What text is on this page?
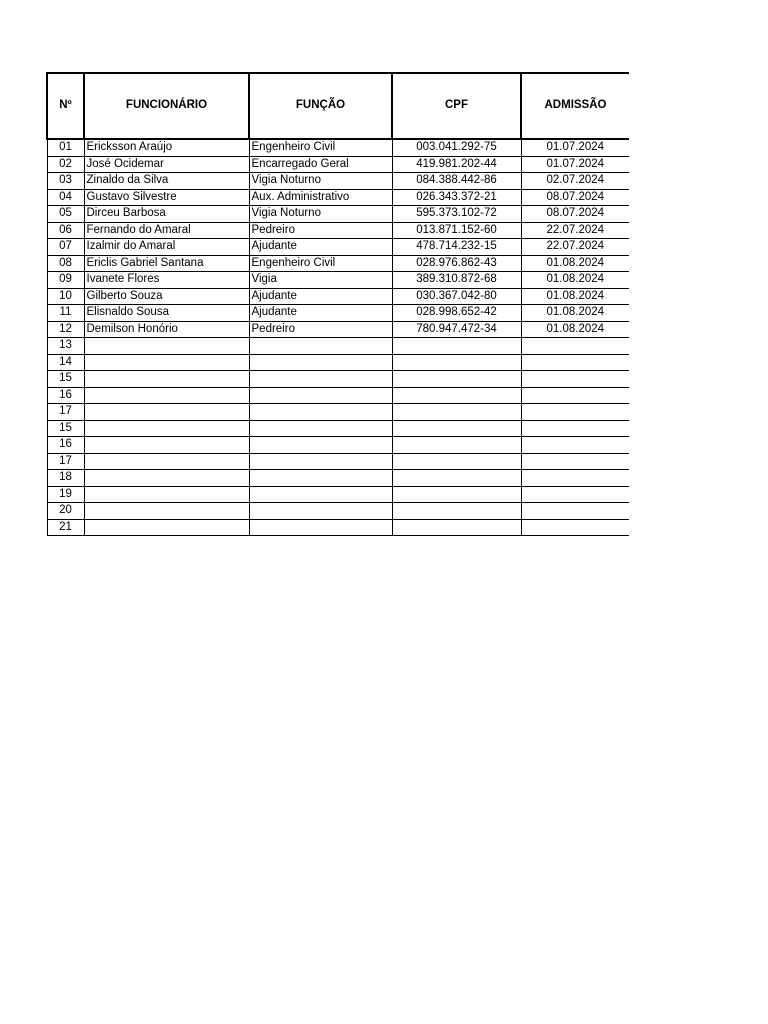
Nº	FUNCIONÁRIO	FUNÇÃO	CPF	ADMISSÃO
01	Ericksson Araújo	Engenheiro Civil	003.041.292-75	01.07.2024
02	José Ocidemar	Encarregado Geral	419.981.202-44	01.07.2024
03	Zinaldo da Silva	Vigia Noturno	084.388.442-86	02.07.2024
04	Gustavo Silvestre	Aux. Administrativo	026.343.372-21	08.07.2024
05	Dirceu Barbosa	Vigia Noturno	595.373.102-72	08.07.2024
06	Fernando do Amaral	Pedreiro	013.871.152-60	22.07.2024
07	Izalmir do Amaral	Ajudante	478.714.232-15	22.07.2024
08	Ericlis Gabriel Santana	Engenheiro Civil	028.976.862-43	01.08.2024
09	Ivanete Flores	Vigia	389.310.872-68	01.08.2024
10	Gilberto Souza	Ajudante	030.367.042-80	01.08.2024
11	Elisnaldo Sousa	Ajudante	028.998.652-42	01.08.2024
12	Demilson Honório	Pedreiro	780.947.472-34	01.08.2024
13				
14				
15				
16				
17				
15				
16				
17				
18				
19				
20				
21				
